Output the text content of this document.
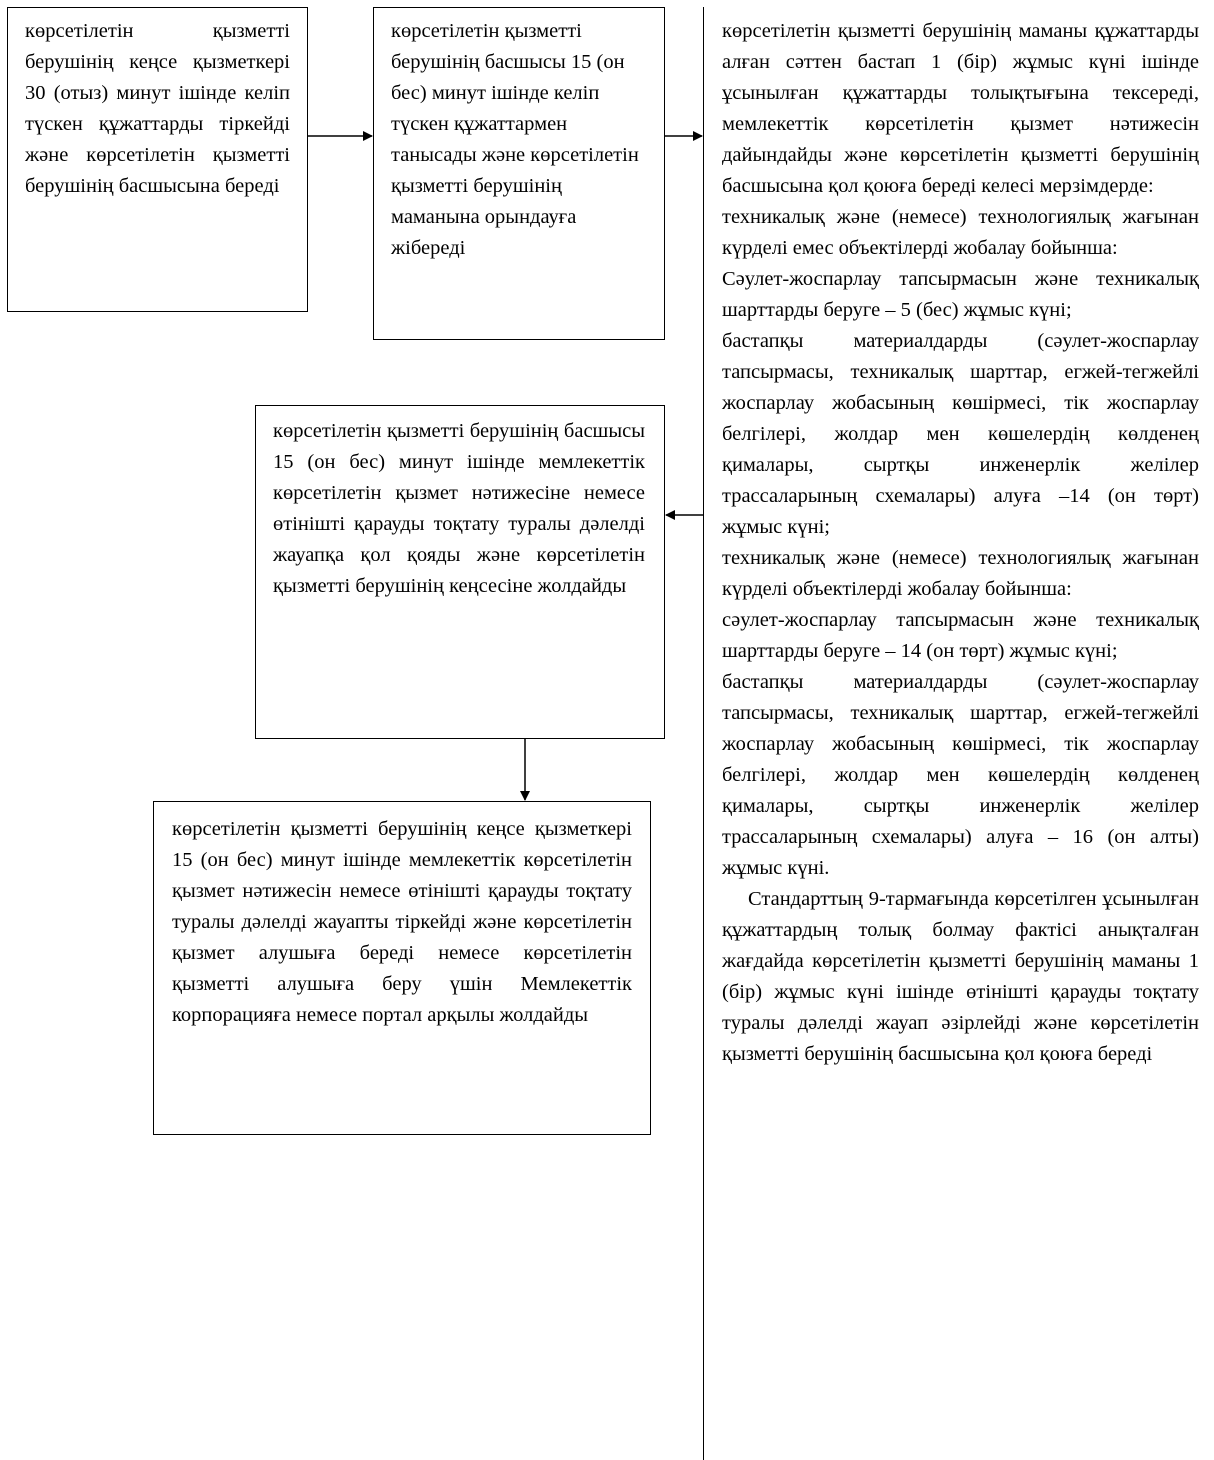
көрсетілетін қызметті берушінің кеңсе қызметкері 30 (отыз) минут ішінде келіп түскен құжаттарды тіркейді және көрсетілетін қызметті берушінің басшысына береді
көрсетілетін қызметті берушінің басшысы 15 (он бес) минут ішінде келіп түскен құжаттармен танысады және көрсетілетін қызметті берушінің маманына орындауға жібереді

көрсетілетін қызметті берушінің маманы құжаттарды алған сәттен бастап 1 (бір) жұмыс күні ішінде ұсынылған құжаттарды толықтығына тексереді, мемлекеттік көрсетілетін қызмет нәтижесін дайындайды және көрсетілетін қызметті берушінің басшысына қол қоюға береді келесі мерзімдерде:

техникалық және (немесе) технологиялық жағынан күрделі емес объектілерді жобалау бойынша:

Сәулет-жоспарлау тапсырмасын және техникалық шарттарды беруге – 5 (бес) жұмыс күні;

бастапқы материалдарды (сәулет-жоспарлау тапсырмасы, техникалық шарттар, егжей-тегжейлі жоспарлау жобасының көшірмесі, тік жоспарлау белгілері, жолдар мен көшелердің көлденең қималары, сыртқы инженерлік желілер трассаларының схемалары) алуға –14 (он төрт) жұмыс күні;

техникалық және (немесе) технологиялық жағынан күрделі объектілерді жобалау бойынша:

сәулет-жоспарлау тапсырмасын және техникалық шарттарды беруге – 14 (он төрт) жұмыс күні;

бастапқы материалдарды (сәулет-жоспарлау тапсырмасы, техникалық шарттар, егжей-тегжейлі жоспарлау жобасының көшірмесі, тік жоспарлау белгілері, жолдар мен көшелердің көлденең қималары, сыртқы инженерлік желілер трассаларының схемалары) алуға – 16 (он алты) жұмыс күні.

Стандарттың 9-тармағында көрсетілген ұсынылған құжаттардың толық болмау фактісі анықталған жағдайда көрсетілетін қызметті берушінің маманы 1 (бір) жұмыс күні ішінде өтінішті қарауды тоқтату туралы дәлелді жауап әзірлейді және көрсетілетін қызметті берушінің басшысына қол қоюға береді

көрсетілетін қызметті берушінің басшысы 15 (он бес) минут ішінде мемлекеттік көрсетілетін қызмет нәтижесіне немесе өтінішті қарауды тоқтату туралы дәлелді жауапқа қол қояды және көрсетілетін қызметті берушінің кеңсесіне жолдайды
көрсетілетін қызметті берушінің кеңсе қызметкері 15 (он бес) минут ішінде мемлекеттік көрсетілетін қызмет нәтижесін немесе өтінішті қарауды тоқтату туралы дәлелді жауапты тіркейді және көрсетілетін қызмет алушыға береді немесе көрсетілетін қызметті алушыға беру үшін Мемлекеттік корпорацияға немесе портал арқылы жолдайды
